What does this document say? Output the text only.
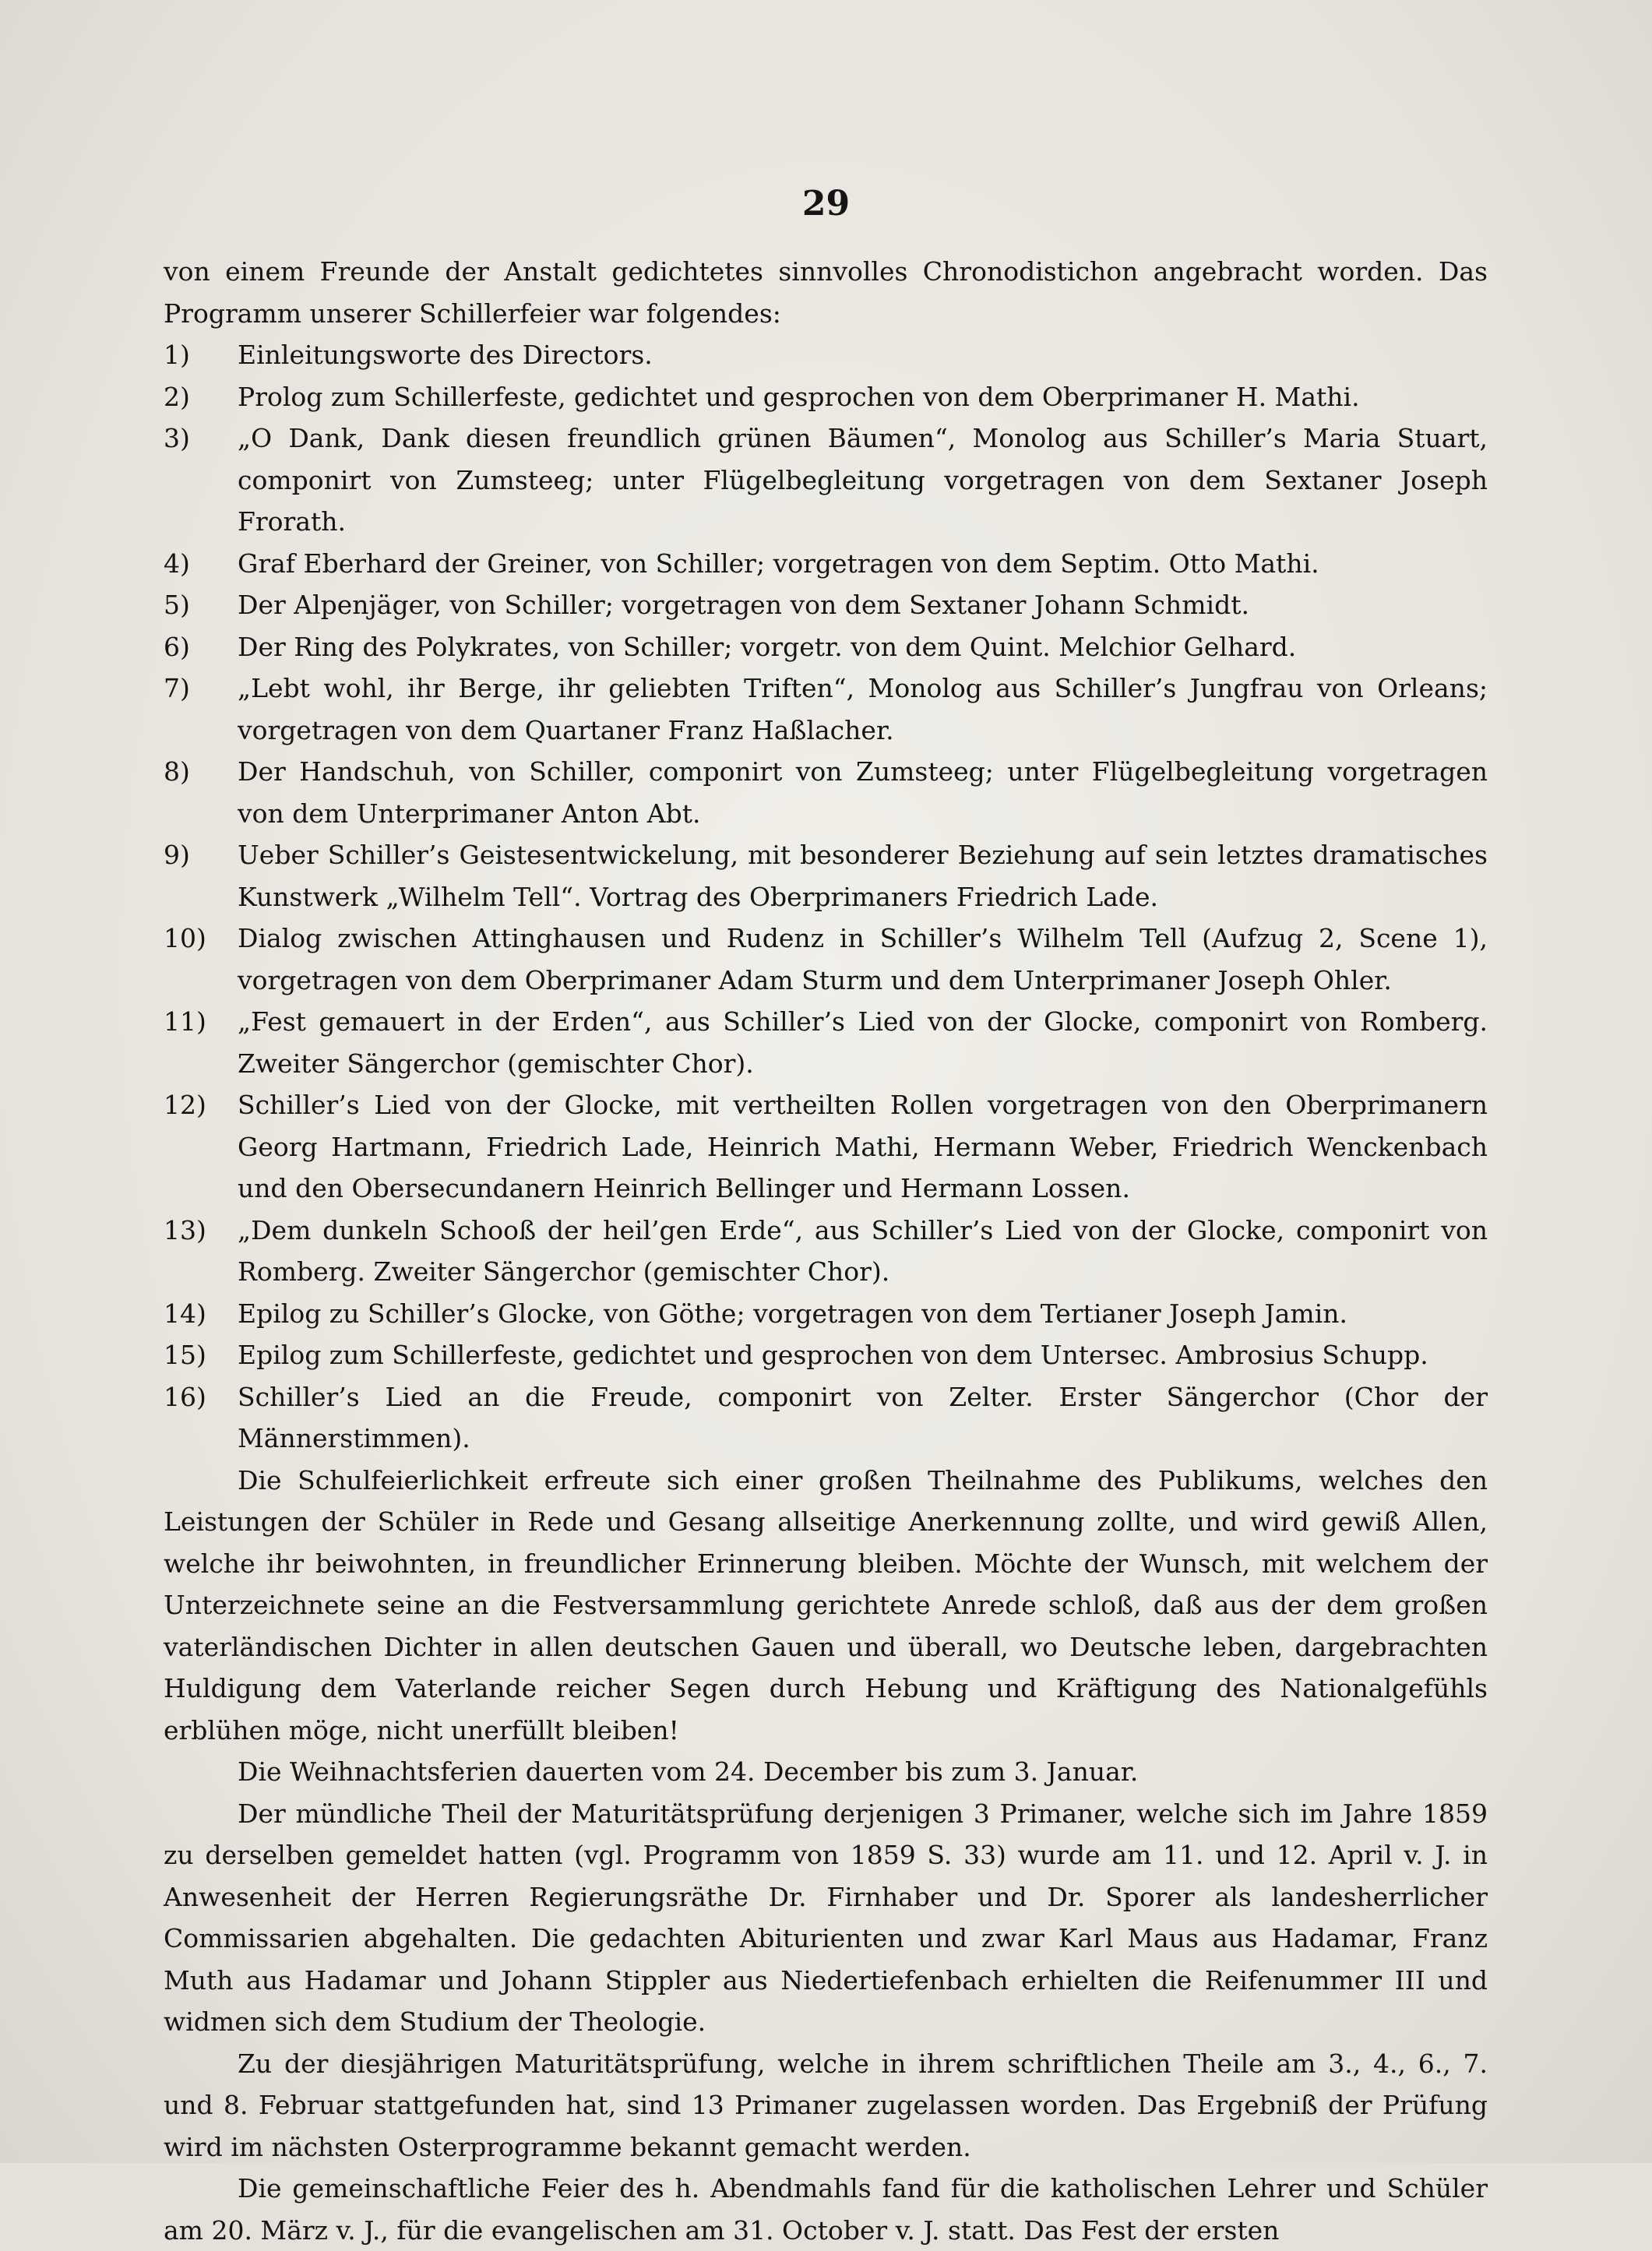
29

von einem Freunde der Anstalt gedichtetes sinnvolles Chronodistichon angebracht worden. Das Programm unserer Schillerfeier war folgendes:

1)	Einleitungsworte des Directors.
2)	Prolog zum Schillerfeste, gedichtet und gesprochen von dem Oberprimaner H. Mathi.
3)	„O Dank, Dank diesen freundlich grünen Bäumen“, Monolog aus Schiller’s Maria Stuart, componirt von Zumsteeg; unter Flügelbegleitung vorgetragen von dem Sextaner Joseph Frorath.
4)	Graf Eberhard der Greiner, von Schiller; vorgetragen von dem Septim. Otto Mathi.
5)	Der Alpenjäger, von Schiller; vorgetragen von dem Sextaner Johann Schmidt.
6)	Der Ring des Polykrates, von Schiller; vorgetr. von dem Quint. Melchior Gelhard.
7)	„Lebt wohl, ihr Berge, ihr geliebten Triften“, Monolog aus Schiller’s Jungfrau von Orleans; vorgetragen von dem Quartaner Franz Haßlacher.
8)	Der Handschuh, von Schiller, componirt von Zumsteeg; unter Flügelbegleitung vorgetragen von dem Unterprimaner Anton Abt.
9)	Ueber Schiller’s Geistesentwickelung, mit besonderer Beziehung auf sein letztes dramatisches Kunstwerk „Wilhelm Tell“. Vortrag des Oberprimaners Friedrich Lade.
10)	Dialog zwischen Attinghausen und Rudenz in Schiller’s Wilhelm Tell (Aufzug 2, Scene 1), vorgetragen von dem Oberprimaner Adam Sturm und dem Unterprimaner Joseph Ohler.
11)	„Fest gemauert in der Erden“, aus Schiller’s Lied von der Glocke, componirt von Romberg. Zweiter Sängerchor (gemischter Chor).
12)	Schiller’s Lied von der Glocke, mit vertheilten Rollen vorgetragen von den Oberprimanern Georg Hartmann, Friedrich Lade, Heinrich Mathi, Hermann Weber, Friedrich Wenckenbach und den Obersecundanern Heinrich Bellinger und Hermann Lossen.
13)	„Dem dunkeln Schooß der heil’gen Erde“, aus Schiller’s Lied von der Glocke, componirt von Romberg. Zweiter Sängerchor (gemischter Chor).
14)	Epilog zu Schiller’s Glocke, von Göthe; vorgetragen von dem Tertianer Joseph Jamin.
15)	Epilog zum Schillerfeste, gedichtet und gesprochen von dem Untersec. Ambrosius Schupp.
16)	Schiller’s Lied an die Freude, componirt von Zelter. Erster Sängerchor (Chor der Männerstimmen).

Die Schulfeierlichkeit erfreute sich einer großen Theilnahme des Publikums, welches den Leistungen der Schüler in Rede und Gesang allseitige Anerkennung zollte, und wird gewiß Allen, welche ihr beiwohnten, in freundlicher Erinnerung bleiben. Möchte der Wunsch, mit welchem der Unterzeichnete seine an die Festversammlung gerichtete Anrede schloß, daß aus der dem großen vaterländischen Dichter in allen deutschen Gauen und überall, wo Deutsche leben, dargebrachten Huldigung dem Vaterlande reicher Segen durch Hebung und Kräftigung des Nationalgefühls erblühen möge, nicht unerfüllt bleiben!

Die Weihnachtsferien dauerten vom 24. December bis zum 3. Januar.

Der mündliche Theil der Maturitätsprüfung derjenigen 3 Primaner, welche sich im Jahre 1859 zu derselben gemeldet hatten (vgl. Programm von 1859 S. 33) wurde am 11. und 12. April v. J. in Anwesenheit der Herren Regierungsräthe Dr. Firnhaber und Dr. Sporer als landesherrlicher Commissarien abgehalten. Die gedachten Abiturienten und zwar Karl Maus aus Hadamar, Franz Muth aus Hadamar und Johann Stippler aus Niedertiefenbach erhielten die Reifenummer III und widmen sich dem Studium der Theologie.

Zu der diesjährigen Maturitätsprüfung, welche in ihrem schriftlichen Theile am 3., 4., 6., 7. und 8. Februar stattgefunden hat, sind 13 Primaner zugelassen worden. Das Ergebniß der Prüfung wird im nächsten Osterprogramme bekannt gemacht werden.

Die gemeinschaftliche Feier des h. Abendmahls fand für die katholischen Lehrer und Schüler am 20. März v. J., für die evangelischen am 31. October v. J. statt. Das Fest der ersten
